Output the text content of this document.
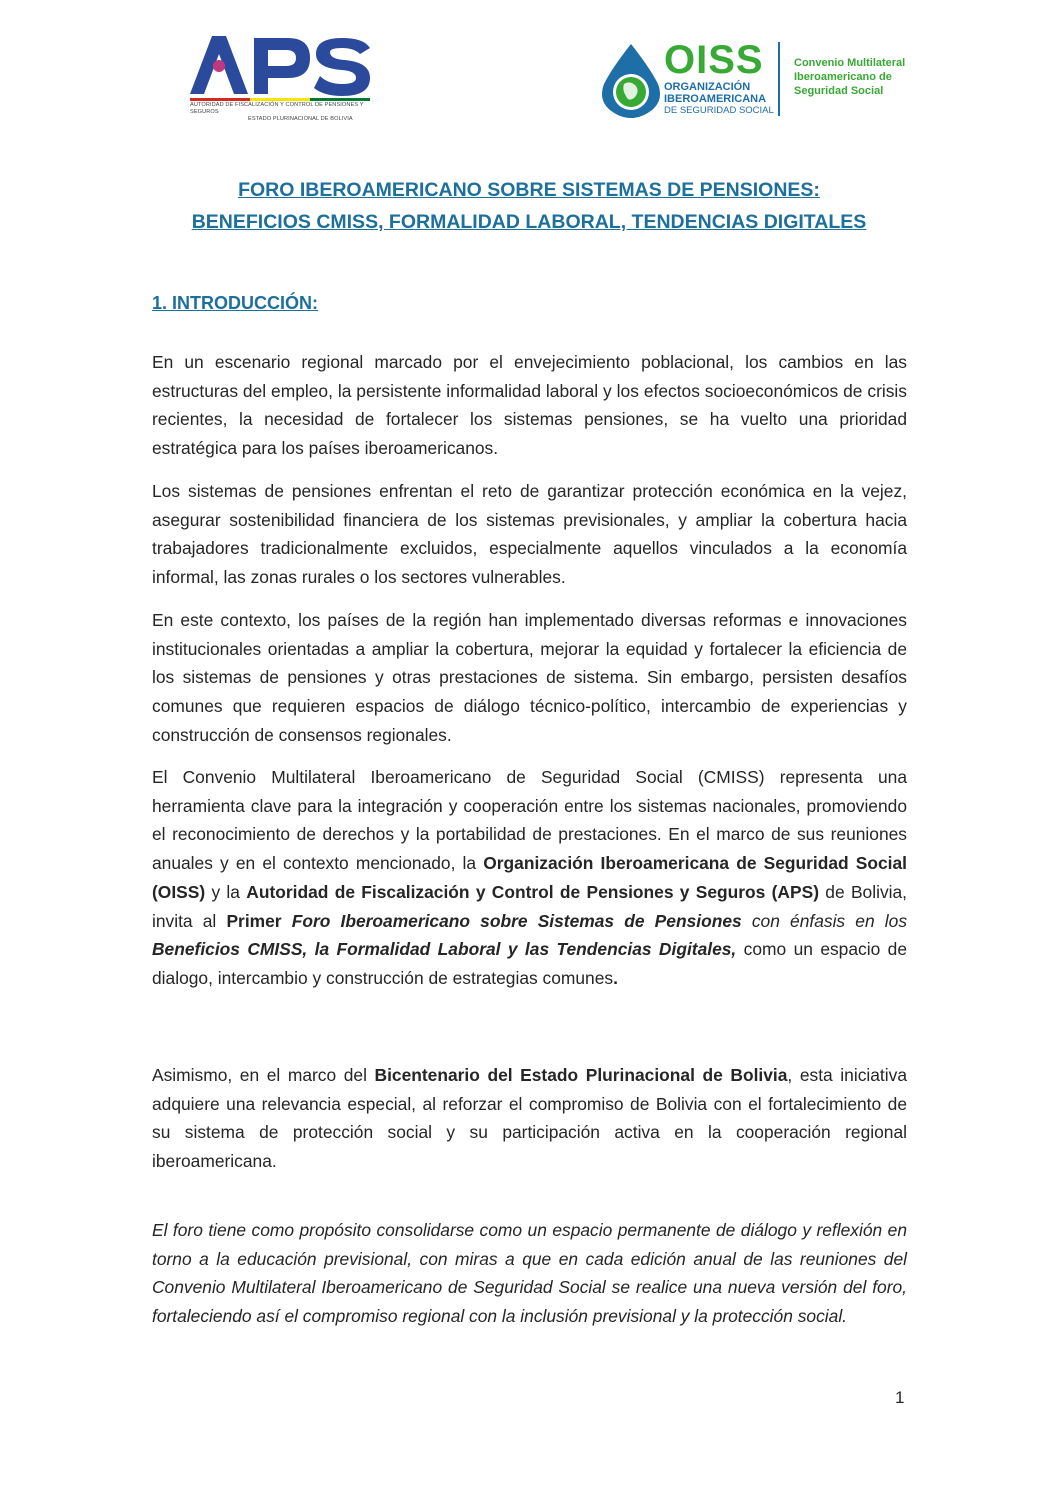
AUTORIDAD DE FISCALIZACIÓN Y CONTROL DE PENSIONES Y SEGUROS
ESTADO PLURINACIONAL DE BOLIVIA
OISS
ORGANIZACIÓN
IBEROAMERICANA
DE SEGURIDAD SOCIAL
Convenio Multilateral
Iberoamericano de
Seguridad Social
FORO IBEROAMERICANO SOBRE SISTEMAS DE PENSIONES:
BENEFICIOS CMISS, FORMALIDAD LABORAL, TENDENCIAS DIGITALES
1. INTRODUCCIÓN:
En un escenario regional marcado por el envejecimiento poblacional, los cambios en las estructuras del empleo, la persistente informalidad laboral y los efectos socioeconómicos de crisis recientes, la necesidad de fortalecer los sistemas pensiones, se ha vuelto una prioridad estratégica para los países iberoamericanos.
Los sistemas de pensiones enfrentan el reto de garantizar protección económica en la vejez, asegurar sostenibilidad financiera de los sistemas previsionales, y ampliar la cobertura hacia trabajadores tradicionalmente excluidos, especialmente aquellos vinculados a la economía informal, las zonas rurales o los sectores vulnerables.
En este contexto, los países de la región han implementado diversas reformas e innovaciones institucionales orientadas a ampliar la cobertura, mejorar la equidad y fortalecer la eficiencia de los sistemas de pensiones y otras prestaciones de sistema. Sin embargo, persisten desafíos comunes que requieren espacios de diálogo técnico-político, intercambio de experiencias y construcción de consensos regionales.
El Convenio Multilateral Iberoamericano de Seguridad Social (CMISS) representa una herramienta clave para la integración y cooperación entre los sistemas nacionales, promoviendo el reconocimiento de derechos y la portabilidad de prestaciones. En el marco de sus reuniones anuales y en el contexto mencionado, la Organización Iberoamericana de Seguridad Social (OISS) y la Autoridad de Fiscalización y Control de Pensiones y Seguros (APS) de Bolivia, invita al Primer Foro Iberoamericano sobre Sistemas de Pensiones con énfasis en los Beneficios CMISS, la Formalidad Laboral y las Tendencias Digitales, como un espacio de dialogo, intercambio y construcción de estrategias comunes.
Asimismo, en el marco del Bicentenario del Estado Plurinacional de Bolivia, esta iniciativa adquiere una relevancia especial, al reforzar el compromiso de Bolivia con el fortalecimiento de su sistema de protección social y su participación activa en la cooperación regional iberoamericana.
El foro tiene como propósito consolidarse como un espacio permanente de diálogo y reflexión en torno a la educación previsional, con miras a que en cada edición anual de las reuniones del Convenio Multilateral Iberoamericano de Seguridad Social se realice una nueva versión del foro, fortaleciendo así el compromiso regional con la inclusión previsional y la protección social.
1
